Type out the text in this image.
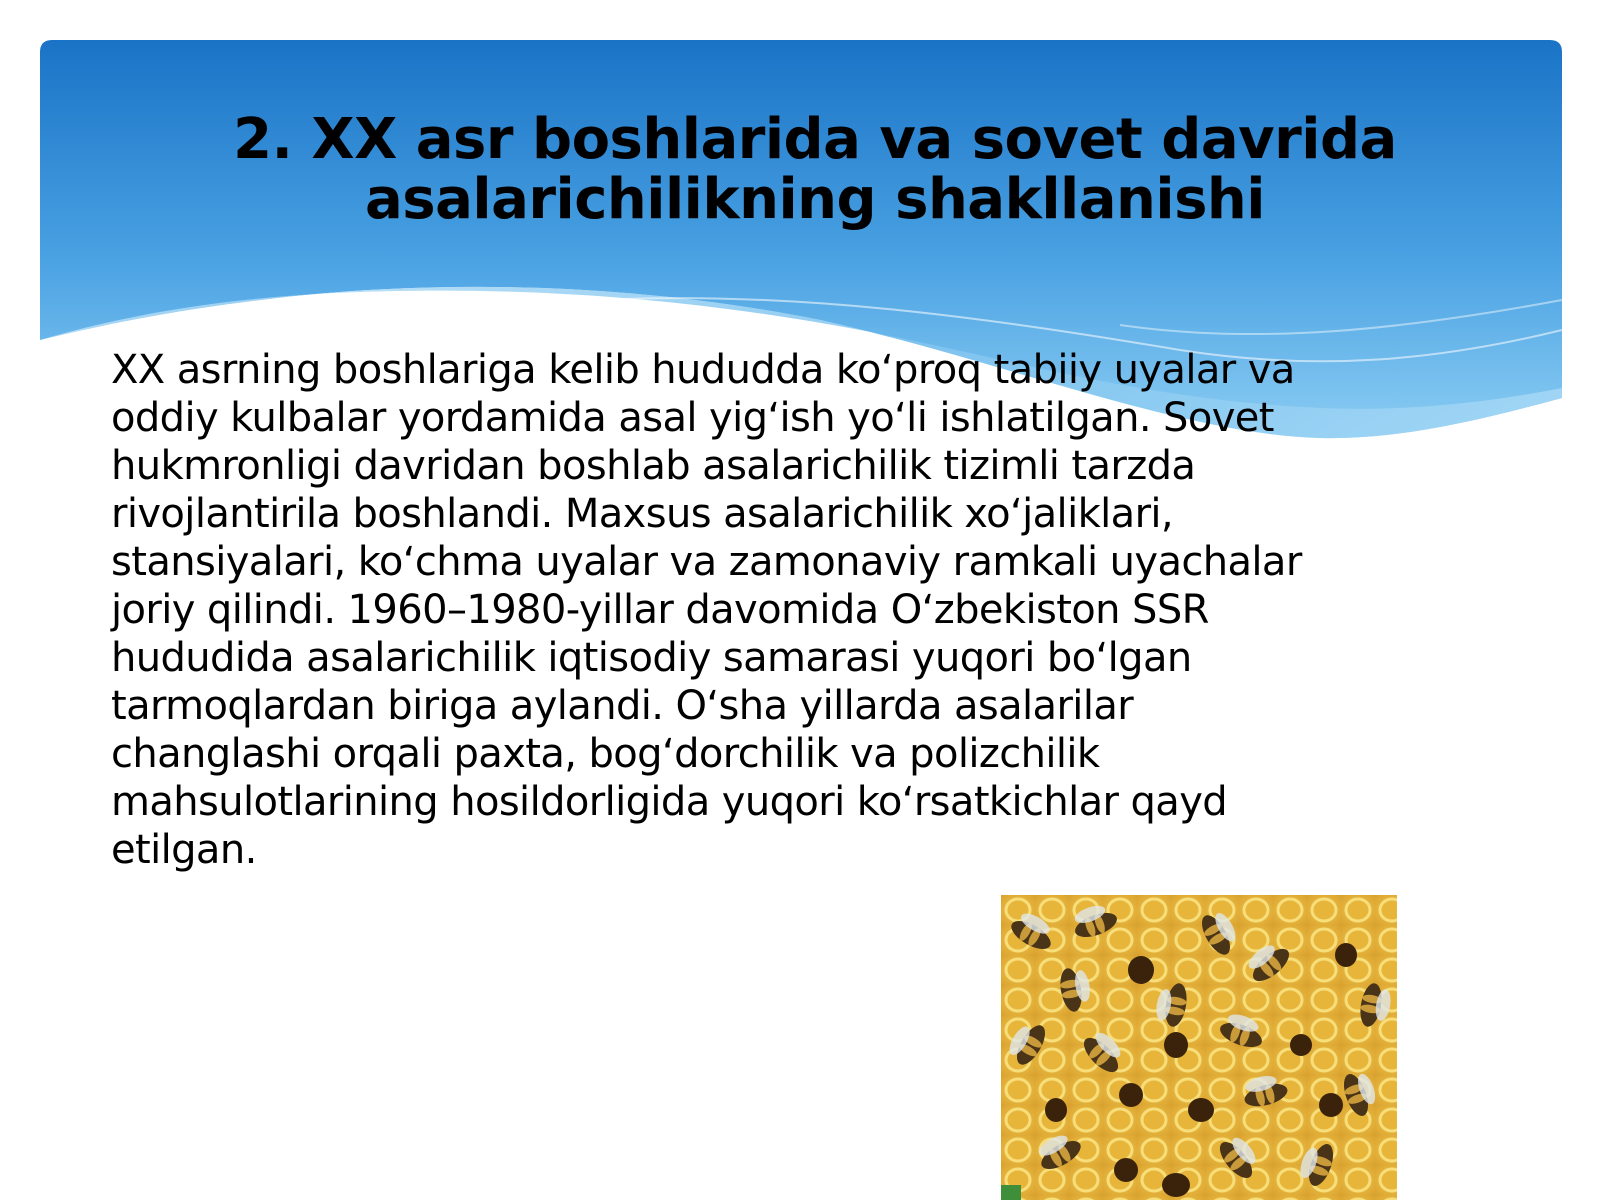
2. XX asr boshlarida va sovet davrida asalarichilikning shakllanishi

XX asrning boshlariga kelib hududda koʻproq tabiiy uyalar va
oddiy kulbalar yordamida asal yigʻish yoʻli ishlatilgan. Sovet
hukmronligi davridan boshlab asalarichilik tizimli tarzda
rivojlantirila boshlandi. Maxsus asalarichilik xoʻjaliklari,
stansiyalari, koʻchma uyalar va zamonaviy ramkali uyachalar
joriy qilindi. 1960–1980-yillar davomida Oʻzbekiston SSR
hududida asalarichilik iqtisodiy samarasi yuqori boʻlgan
tarmoqlardan biriga aylandi. Oʻsha yillarda asalarilar
changlashi orqali paxta, bogʻdorchilik va polizchilik
mahsulotlarining hosildorligida yuqori koʻrsatkichlar qayd
etilgan.
